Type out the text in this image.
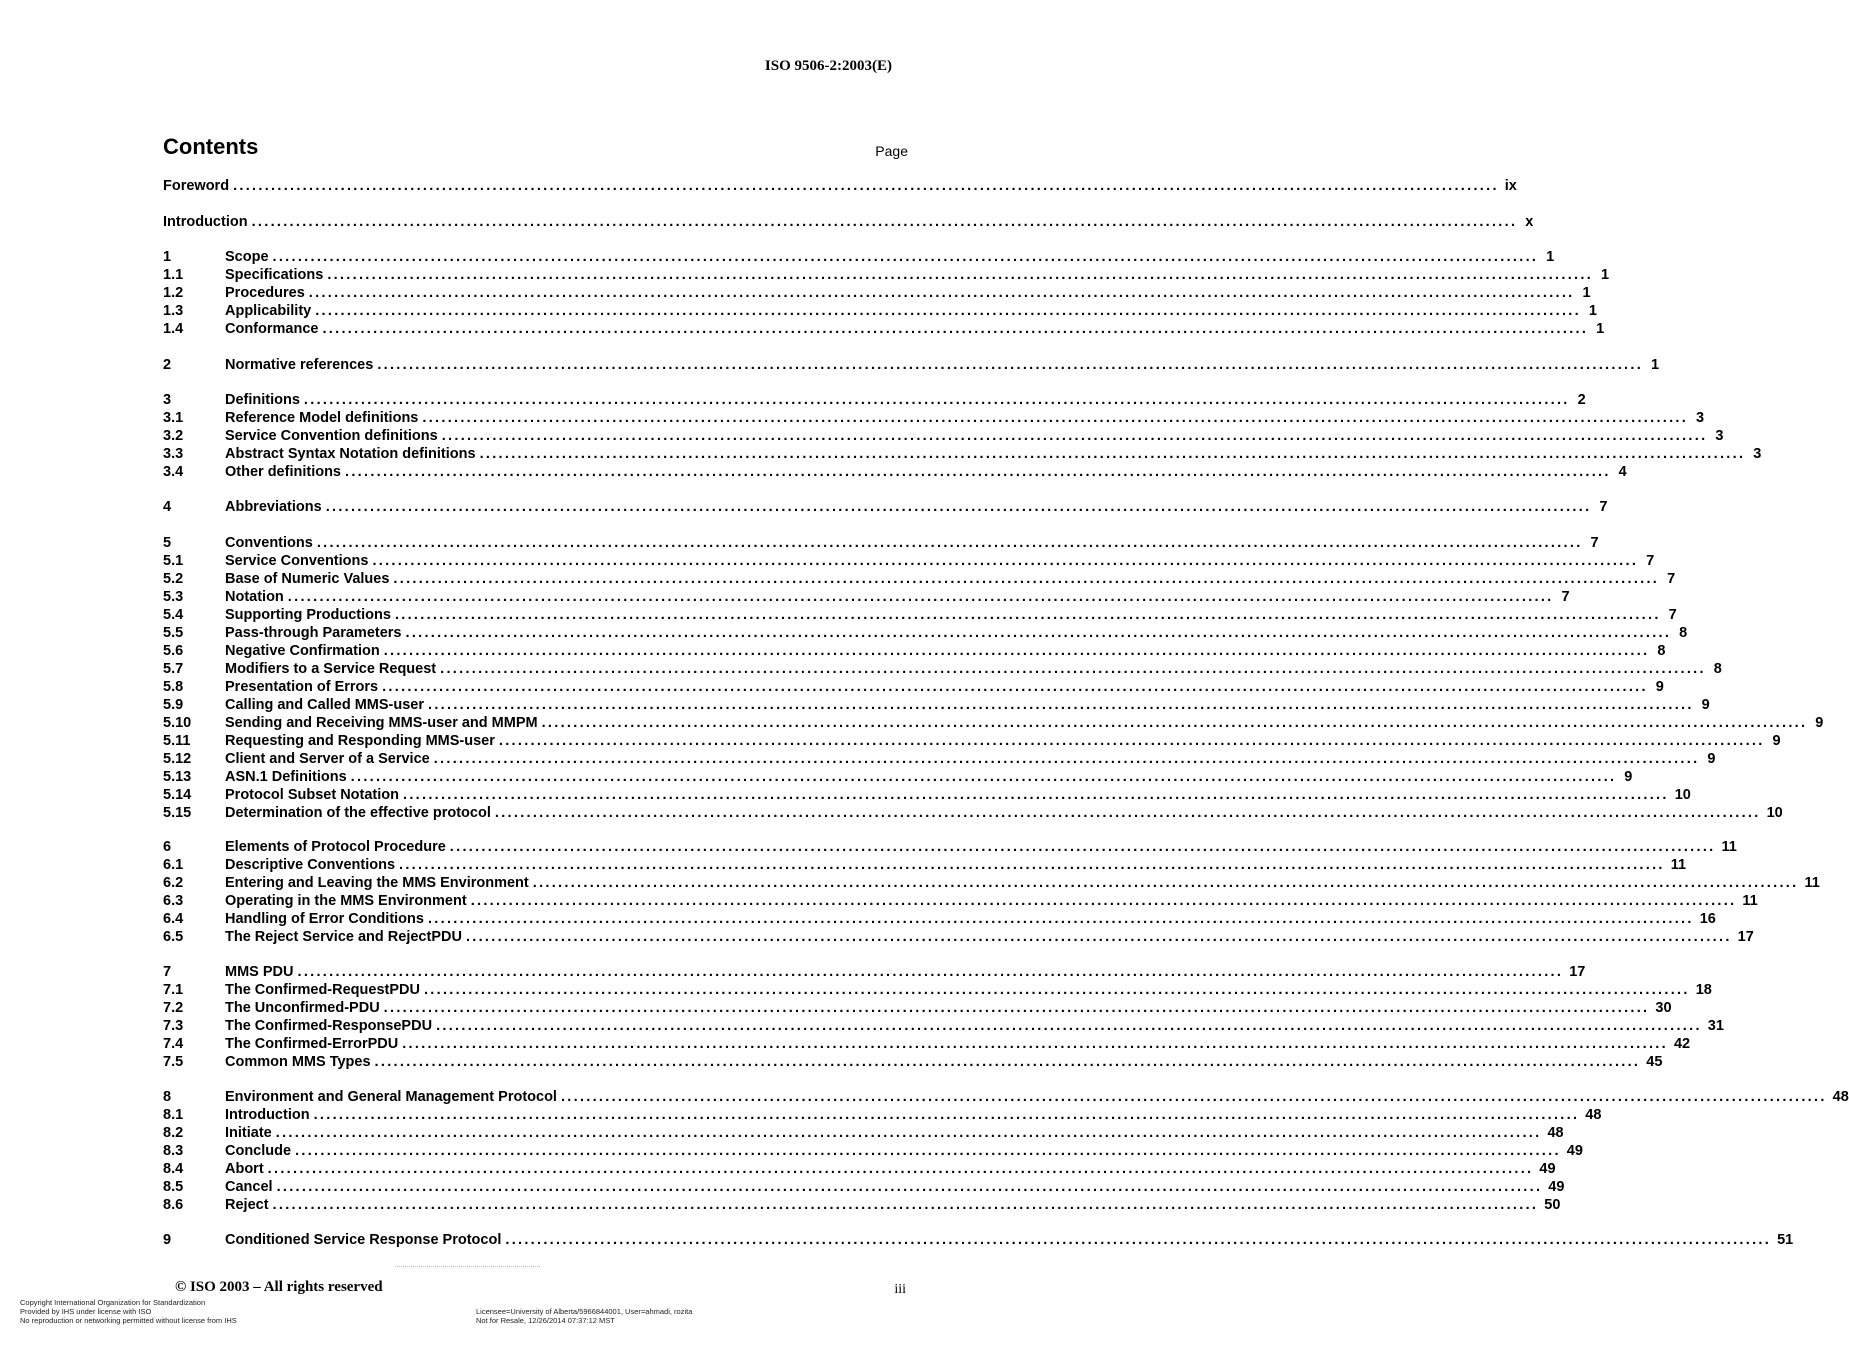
ISO 9506-2:2003(E)
Contents	Page
Foreword ........................................................................................................................................................................................................ ix
Introduction ........................................................................................................................................................................................................ x
1	Scope ........................................................................................................................................................................................................ 1
1.1	Specifications ........................................................................................................................................................................................................ 1
1.2	Procedures ........................................................................................................................................................................................................ 1
1.3	Applicability ........................................................................................................................................................................................................ 1
1.4	Conformance ........................................................................................................................................................................................................ 1
2	Normative references ........................................................................................................................................................................................................ 1
3	Definitions ........................................................................................................................................................................................................ 2
3.1	Reference Model definitions ........................................................................................................................................................................................................ 3
3.2	Service Convention definitions ........................................................................................................................................................................................................ 3
3.3	Abstract Syntax Notation definitions ........................................................................................................................................................................................................ 3
3.4	Other definitions ........................................................................................................................................................................................................ 4
4	Abbreviations ........................................................................................................................................................................................................ 7
5	Conventions ........................................................................................................................................................................................................ 7
5.1	Service Conventions ........................................................................................................................................................................................................ 7
5.2	Base of Numeric Values ........................................................................................................................................................................................................ 7
5.3	Notation ........................................................................................................................................................................................................ 7
5.4	Supporting Productions ........................................................................................................................................................................................................ 7
5.5	Pass-through Parameters ........................................................................................................................................................................................................ 8
5.6	Negative Confirmation ........................................................................................................................................................................................................ 8
5.7	Modifiers to a Service Request ........................................................................................................................................................................................................ 8
5.8	Presentation of Errors ........................................................................................................................................................................................................ 9
5.9	Calling and Called MMS-user ........................................................................................................................................................................................................ 9
5.10	Sending and Receiving MMS-user and MMPM ........................................................................................................................................................................................................ 9
5.11	Requesting and Responding MMS-user ........................................................................................................................................................................................................ 9
5.12	Client and Server of a Service ........................................................................................................................................................................................................ 9
5.13	ASN.1 Definitions ........................................................................................................................................................................................................ 9
5.14	Protocol Subset Notation ........................................................................................................................................................................................................ 10
5.15	Determination of the effective protocol ........................................................................................................................................................................................................ 10
6	Elements of Protocol Procedure ........................................................................................................................................................................................................ 11
6.1	Descriptive Conventions ........................................................................................................................................................................................................ 11
6.2	Entering and Leaving the MMS Environment ........................................................................................................................................................................................................ 11
6.3	Operating in the MMS Environment ........................................................................................................................................................................................................ 11
6.4	Handling of Error Conditions ........................................................................................................................................................................................................ 16
6.5	The Reject Service and RejectPDU ........................................................................................................................................................................................................ 17
7	MMS PDU ........................................................................................................................................................................................................ 17
7.1	The Confirmed-RequestPDU ........................................................................................................................................................................................................ 18
7.2	The Unconfirmed-PDU ........................................................................................................................................................................................................ 30
7.3	The Confirmed-ResponsePDU ........................................................................................................................................................................................................ 31
7.4	The Confirmed-ErrorPDU ........................................................................................................................................................................................................ 42
7.5	Common MMS Types ........................................................................................................................................................................................................ 45
8	Environment and General Management Protocol ........................................................................................................................................................................................................ 48
8.1	Introduction ........................................................................................................................................................................................................ 48
8.2	Initiate ........................................................................................................................................................................................................ 48
8.3	Conclude ........................................................................................................................................................................................................ 49
8.4	Abort ........................................................................................................................................................................................................ 49
8.5	Cancel ........................................................................................................................................................................................................ 49
8.6	Reject ........................................................................................................................................................................................................ 50
9	Conditioned Service Response Protocol ........................................................................................................................................................................................................ 51
© ISO 2003 – All rights reserved	iii
Copyright International Organization for Standardization
Provided by IHS under license with ISO
No reproduction or networking permitted without license from IHS
Licensee=University of Alberta/5966844001, User=ahmadi, rozita
Not for Resale, 12/26/2014 07:37:12 MST
